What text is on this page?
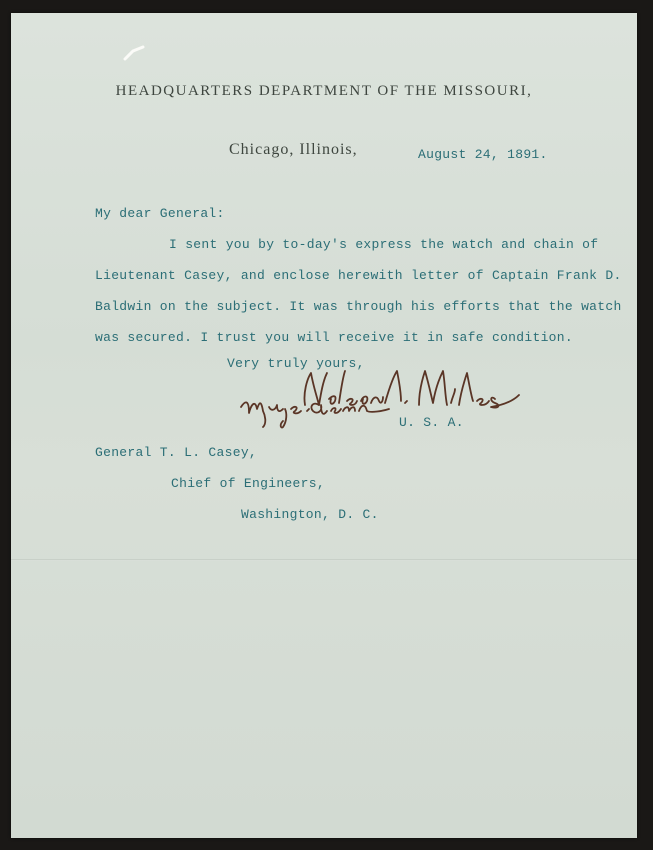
HEADQUARTERS DEPARTMENT OF THE MISSOURI,
Chicago, Illinois,	August 24, 1891.
My dear General:
I sent you by to-day's express the watch and chain of
Lieutenant Casey, and enclose herewith letter of Captain Frank D.
Baldwin on the subject. It was through his efforts that the watch
was secured. I trust you will receive it in safe condition.
Very truly yours,
U. S. A.
General T. L. Casey,
Chief of Engineers,
Washington, D. C.
